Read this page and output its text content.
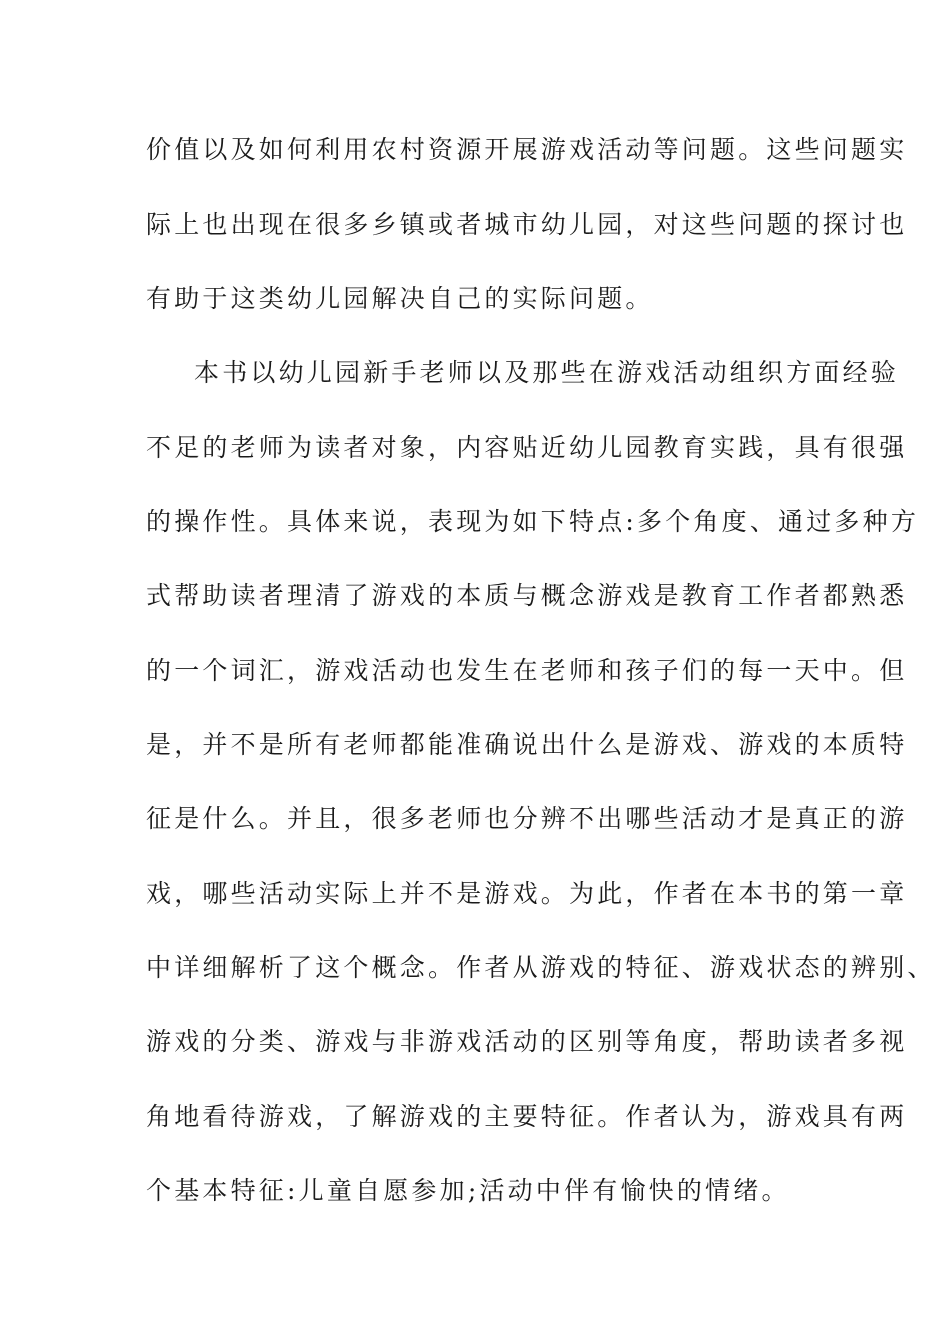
价值以及如何利用农村资源开展游戏活动等问题。这些问题实

际上也出现在很多乡镇或者城市幼儿园，对这些问题的探讨也

有助于这类幼儿园解决自己的实际问题。

本书以幼儿园新手老师以及那些在游戏活动组织方面经验

不足的老师为读者对象，内容贴近幼儿园教育实践，具有很强

的操作性。具体来说，表现为如下特点:多个角度、通过多种方

式帮助读者理清了游戏的本质与概念游戏是教育工作者都熟悉

的一个词汇，游戏活动也发生在老师和孩子们的每一天中。但

是，并不是所有老师都能准确说出什么是游戏、游戏的本质特

征是什么。并且，很多老师也分辨不出哪些活动才是真正的游

戏，哪些活动实际上并不是游戏。为此，作者在本书的第一章

中详细解析了这个概念。作者从游戏的特征、游戏状态的辨别、

游戏的分类、游戏与非游戏活动的区别等角度，帮助读者多视

角地看待游戏，了解游戏的主要特征。作者认为，游戏具有两

个基本特征:儿童自愿参加;活动中伴有愉快的情绪。
